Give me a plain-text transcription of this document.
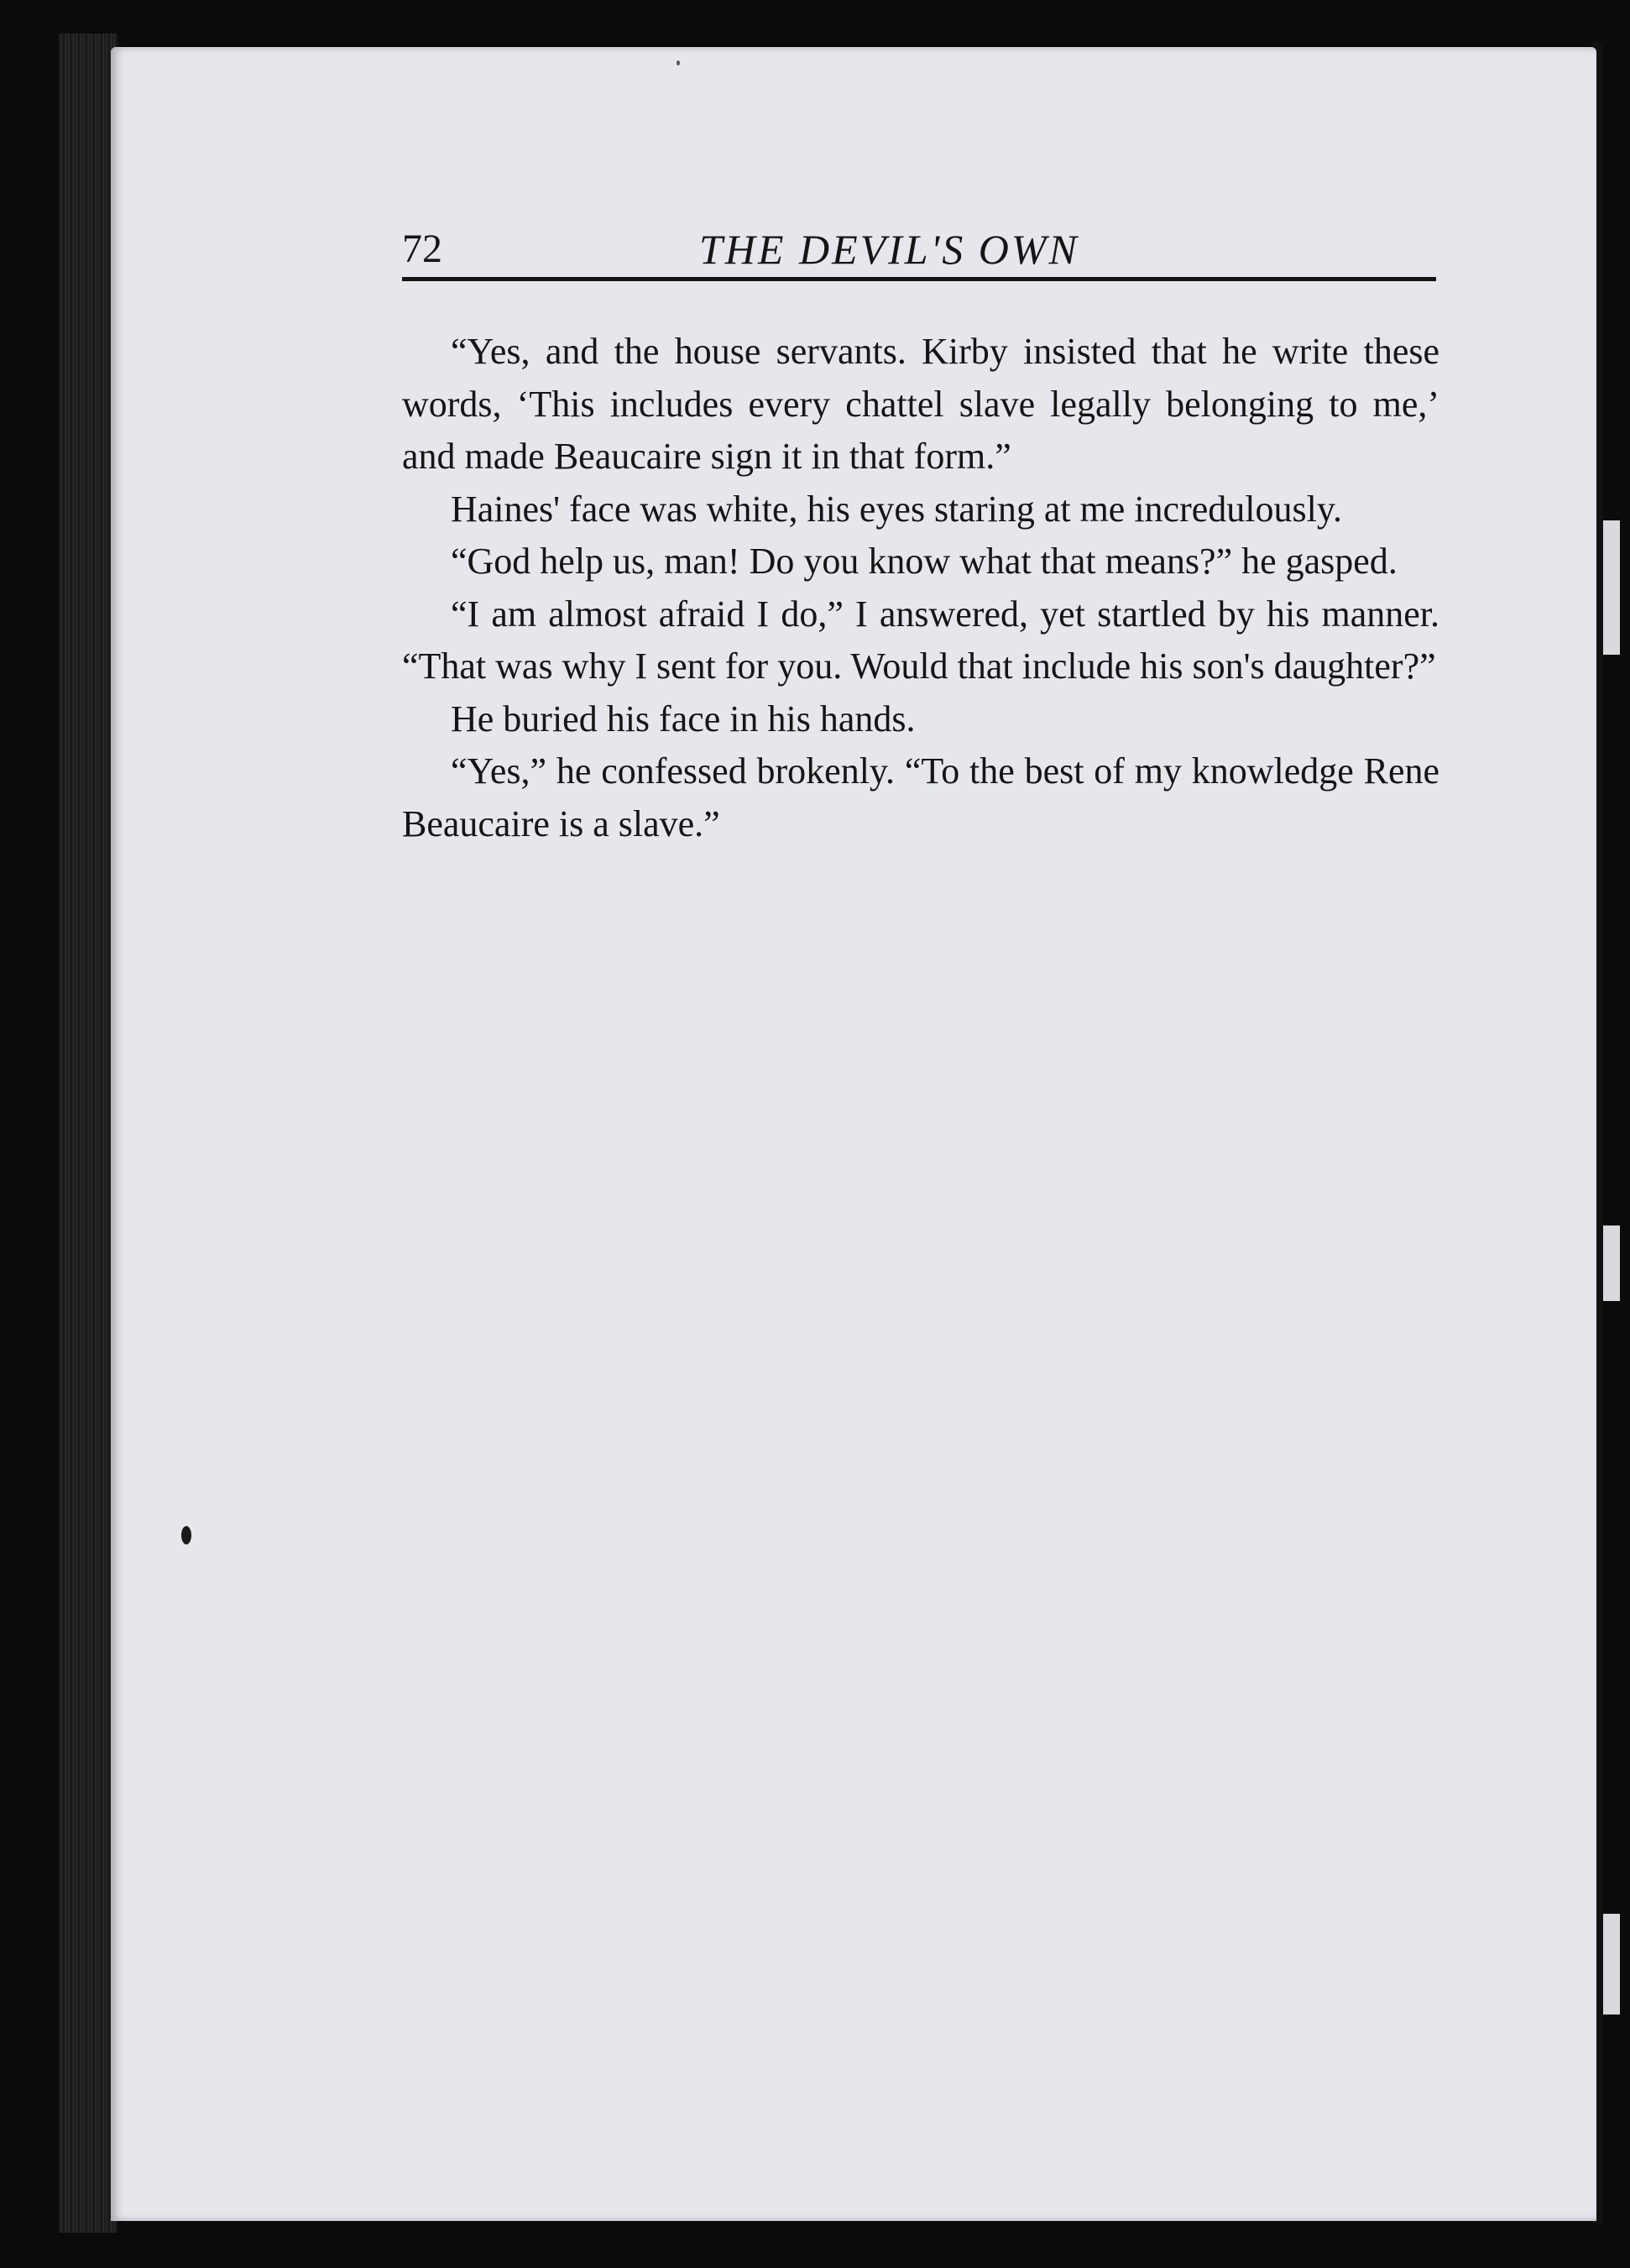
72	THE DEVIL'S OWN

“Yes, and the house servants. Kirby insisted that he write these words, ‘This includes every chattel slave legally belonging to me,’ and made Beaucaire sign it in that form.”

Haines' face was white, his eyes staring at me incredulously.

“God help us, man! Do you know what that means?” he gasped.

“I am almost afraid I do,” I answered, yet startled by his manner. “That was why I sent for you. Would that include his son's daughter?”

He buried his face in his hands.

“Yes,” he confessed brokenly. “To the best of my knowledge Rene Beaucaire is a slave.”
